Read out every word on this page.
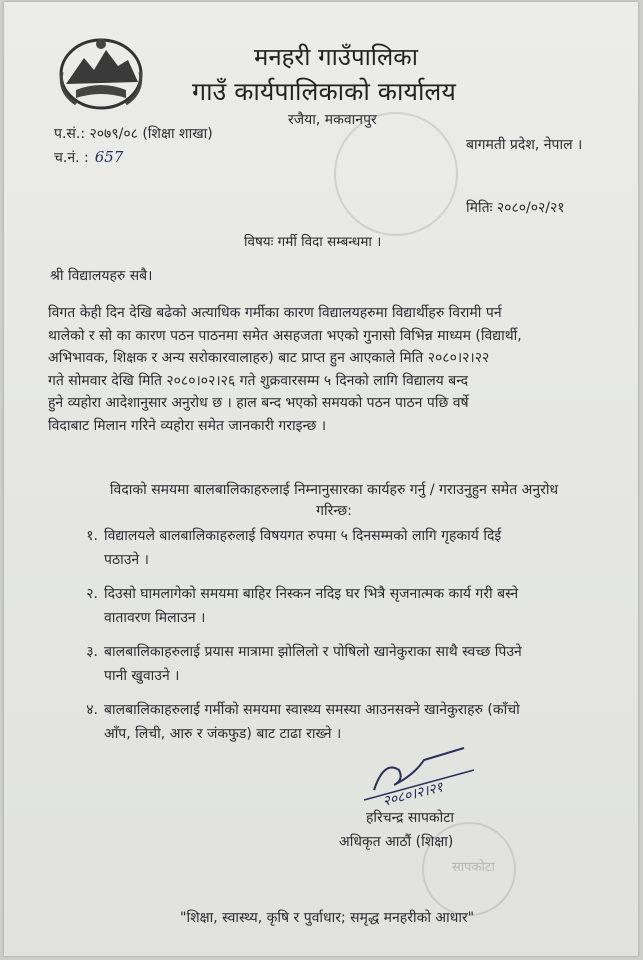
मनहरी गाउँपालिका
गाउँ कार्यपालिकाको कार्यालय
रजैया, मकवानपुर
प.सं.: २०७९/०८ (शिक्षा शाखा)
च.नं. : 657
बागमती प्रदेश, नेपाल ।
मितिः २०८०/०२/२१
विषयः गर्मी विदा सम्बन्धमा ।
श्री विद्यालयहरु सबै।
विगत केही दिन देखि बढेको अत्याधिक गर्मीका कारण विद्यालयहरुमा विद्यार्थीहरु विरामी पर्न
थालेको र सो का कारण पठन पाठनमा समेत असहजता भएको गुनासो विभिन्न माध्यम (विद्यार्थी,
अभिभावक, शिक्षक र अन्य सरोकारवालाहरु) बाट प्राप्त हुन आएकाले मिति २०८०।२।२२
गते सोमवार देखि मिति २०८०।०२।२६ गते शुक्रवारसम्म ५ दिनको लागि विद्यालय बन्द
हुने व्यहोरा आदेशानुसार अनुरोध छ । हाल बन्द भएको समयको पठन पाठन पछि वर्षे
विदाबाट मिलान गरिने व्यहोरा समेत जानकारी गराइन्छ ।
विदाको समयमा बालबालिकाहरुलाई निम्नानुसारका कार्यहरु गर्नु / गराउनुहुन समेत अनुरोध
गरिन्छ:
१. विद्यालयले बालबालिकाहरुलाई विषयगत रुपमा ५ दिनसम्मको लागि गृहकार्य दिई
पठाउने ।
२. दिउसो घामलागेको समयमा बाहिर निस्कन नदिइ घर भित्रै सृजनात्मक कार्य गरी बस्ने
वातावरण मिलाउन ।
३. बालबालिकाहरुलाई प्रयास मात्रामा झोलिलो र पोषिलो खानेकुराका साथै स्वच्छ पिउने
पानी खुवाउने ।
४. बालबालिकाहरुलाई गर्मीको समयमा स्वास्थ्य समस्या आउनसक्ने खानेकुराहरु (काँचो
आँप, लिची, आरु र जंकफुड) बाट टाढा राख्ने ।
२०८०।२।२१
हरिचन्द्र सापकोटा
अधिकृत आठौं (शिक्षा)
सापकोटा
"शिक्षा, स्वास्थ्य, कृषि र पुर्वाधार; समृद्ध मनहरीको आधार"
